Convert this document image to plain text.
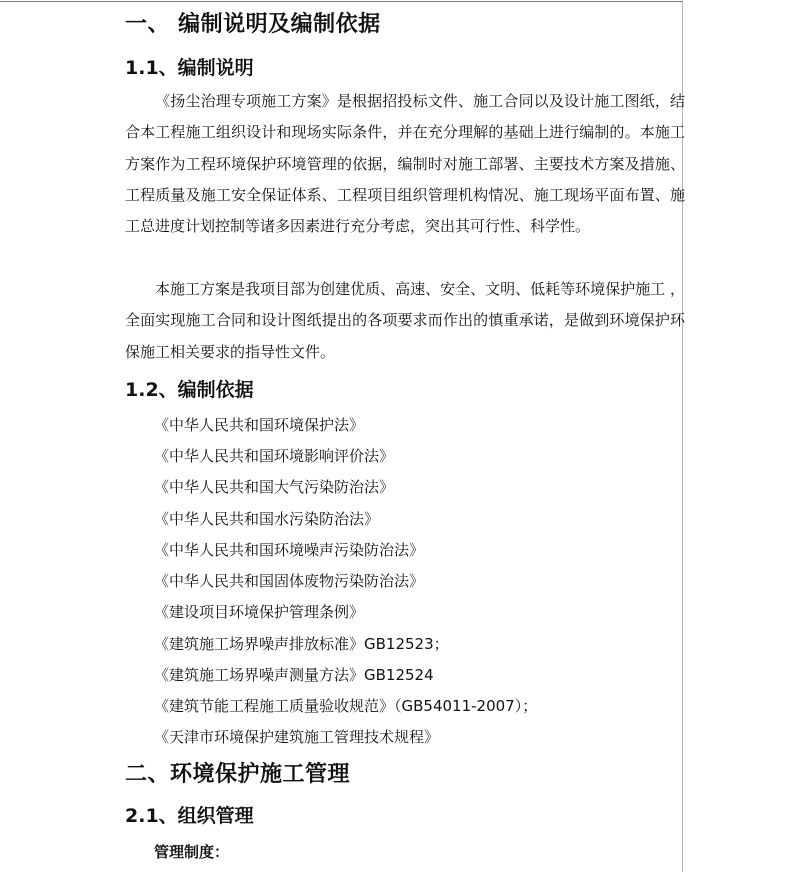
一、 编制说明及编制依据
1.1、编制说明
《扬尘治理专项施工方案》是根据招投标文件、施工合同以及设计施工图纸，结合本工程施工组织设计和现场实际条件，并在充分理解的基础上进行编制的。本施工方案作为工程环境保护环境管理的依据，编制时对施工部署、主要技术方案及措施、工程质量及施工安全保证体系、工程项目组织管理机构情况、施工现场平面布置、施工总进度计划控制等诸多因素进行充分考虑，突出其可行性、科学性。
本施工方案是我项目部为创建优质、高速、安全、文明、低耗等环境保护施工 ，全面实现施工合同和设计图纸提出的各项要求而作出的慎重承诺，是做到环境保护环保施工相关要求的指导性文件。
1.2、编制依据
《中华人民共和国环境保护法》
《中华人民共和国环境影响评价法》
《中华人民共和国大气污染防治法》
《中华人民共和国水污染防治法》
《中华人民共和国环境噪声污染防治法》
《中华人民共和国固体废物污染防治法》
《建设项目环境保护管理条例》
《建筑施工场界噪声排放标准》GB12523；
《建筑施工场界噪声测量方法》GB12524
《建筑节能工程施工质量验收规范》（GB54011-2007）；
《天津市环境保护建筑施工管理技术规程》
二、环境保护施工管理
2.1、组织管理
管理制度：
